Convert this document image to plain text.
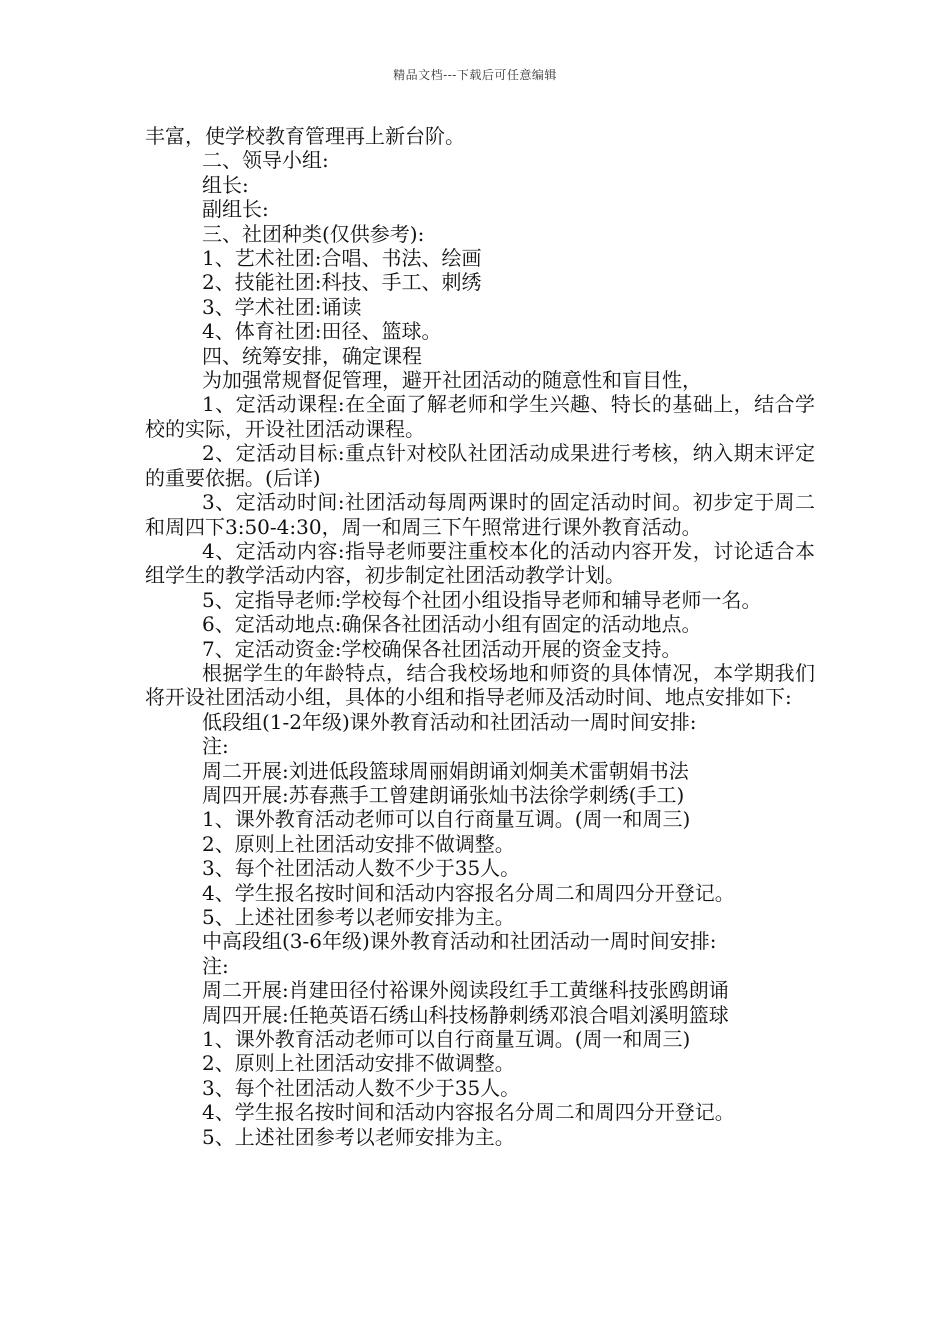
精品文档---下载后可任意编辑

丰富，使学校教育管理再上新台阶。

二、领导小组:

组长:

副组长:

三、社团种类(仅供参考):

1、艺术社团:合唱、书法、绘画

2、技能社团:科技、手工、刺绣

3、学术社团:诵读

4、体育社团:田径、篮球。

四、统筹安排，确定课程

为加强常规督促管理，避开社团活动的随意性和盲目性，

1、定活动课程:在全面了解老师和学生兴趣、特长的基础上，结合学校的实际，开设社团活动课程。

2、定活动目标:重点针对校队社团活动成果进行考核，纳入期末评定的重要依据。(后详)

3、定活动时间:社团活动每周两课时的固定活动时间。初步定于周二和周四下3:50-4:30，周一和周三下午照常进行课外教育活动。

4、定活动内容:指导老师要注重校本化的活动内容开发，讨论适合本组学生的教学活动内容，初步制定社团活动教学计划。

5、定指导老师:学校每个社团小组设指导老师和辅导老师一名。

6、定活动地点:确保各社团活动小组有固定的活动地点。

7、定活动资金:学校确保各社团活动开展的资金支持。

根据学生的年龄特点，结合我校场地和师资的具体情况，本学期我们将开设社团活动小组，具体的小组和指导老师及活动时间、地点安排如下:

低段组(1-2年级)课外教育活动和社团活动一周时间安排:

注:

周二开展:刘进低段篮球周丽娟朗诵刘炯美术雷朝娟书法

周四开展:苏春燕手工曾建朗诵张灿书法徐学刺绣(手工)

1、课外教育活动老师可以自行商量互调。(周一和周三)

2、原则上社团活动安排不做调整。

3、每个社团活动人数不少于35人。

4、学生报名按时间和活动内容报名分周二和周四分开登记。

5、上述社团参考以老师安排为主。

中高段组(3-6年级)课外教育活动和社团活动一周时间安排:

注:

周二开展:肖建田径付裕课外阅读段红手工黄继科技张鸥朗诵

周四开展:任艳英语石绣山科技杨静刺绣邓浪合唱刘溪明篮球

1、课外教育活动老师可以自行商量互调。(周一和周三)

2、原则上社团活动安排不做调整。

3、每个社团活动人数不少于35人。

4、学生报名按时间和活动内容报名分周二和周四分开登记。

5、上述社团参考以老师安排为主。
